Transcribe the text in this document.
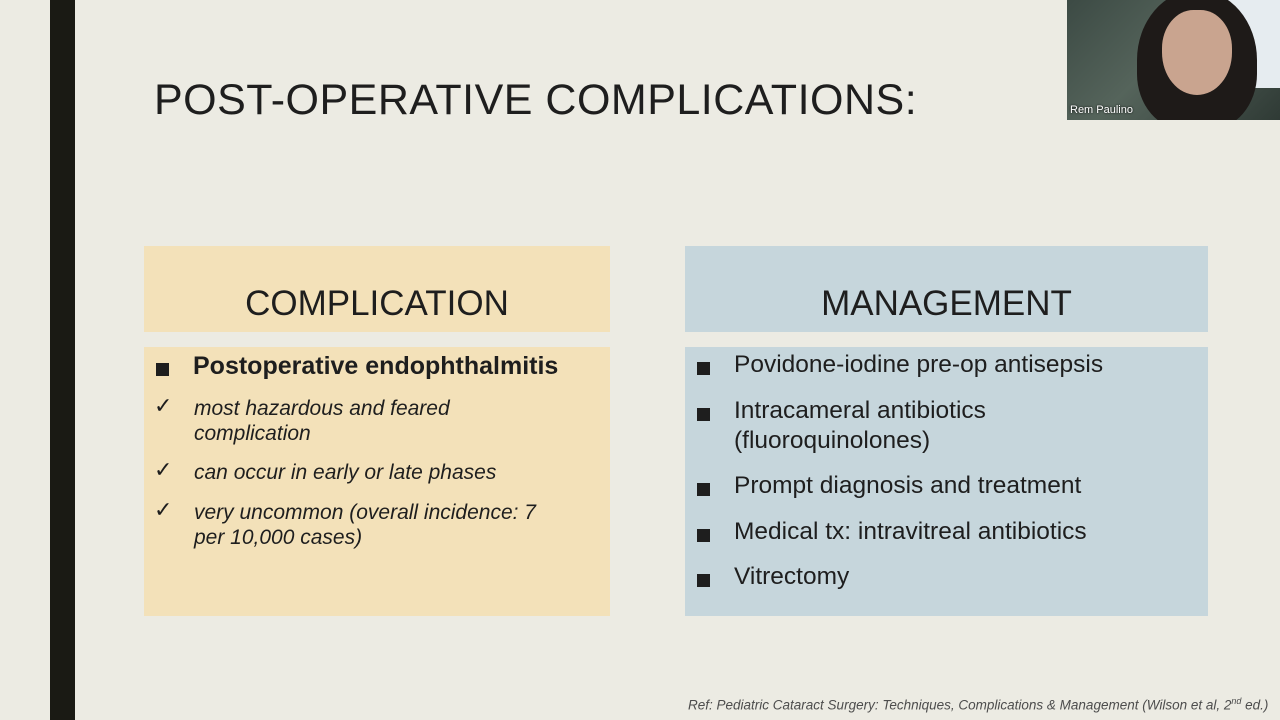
POST-OPERATIVE COMPLICATIONS:
COMPLICATION
Postoperative endophthalmitis
✓ most hazardous and feared
complication
✓ can occur in early or late phases
✓ very uncommon (overall incidence: 7
per 10,000 cases)
MANAGEMENT
Povidone-iodine pre-op antisepsis
Intracameral antibiotics
(fluoroquinolones)
Prompt diagnosis and treatment
Medical tx: intravitreal antibiotics
Vitrectomy
Ref: Pediatric Cataract Surgery: Techniques, Complications & Management (Wilson et al, 2nd ed.)
Rem Paulino
